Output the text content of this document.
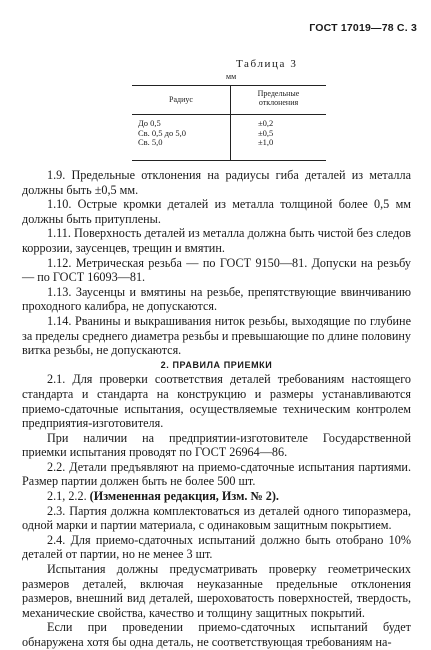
ГОСТ 17019—78 С. 3
Таблица 3
мм
Радиус
Предельные
отклонения
До 0,5
Св. 0,5 до 5,0
Св. 5,0
±0,2
±0,5
±1,0

1.9. Предельные отклонения на радиусы гиба деталей из металла должны быть ±0,5 мм.

1.10. Острые кромки деталей из металла толщиной более 0,5 мм должны быть притуплены.

1.11. Поверхность деталей из металла должна быть чистой без следов коррозии, заусенцев, трещин и вмятин.

1.12. Метрическая резьба — по ГОСТ 9150—81. Допуски на резьбу — по ГОСТ 16093—81.

1.13. Заусенцы и вмятины на резьбе, препятствующие ввинчиванию проходного калибра, не допускаются.

1.14. Рванины и выкрашивания ниток резьбы, выходящие по глубине за пределы среднего диаметра резьбы и превышающие по длине половину витка резьбы, не допускаются.

2. ПРАВИЛА ПРИЕМКИ

2.1. Для проверки соответствия деталей требованиям настоящего стандарта и стандарта на конструкцию и размеры устанавливаются приемо-сдаточные испытания, осуществляемые техническим контролем предприятия-изготовителя.

При наличии на предприятии-изготовителе Государственной приемки испытания проводят по ГОСТ 26964—86.

2.2. Детали предъявляют на приемо-сдаточные испытания партиями. Размер партии должен быть не более 500 шт.

2.1, 2.2. (Измененная редакция, Изм. № 2).

2.3. Партия должна комплектоваться из деталей одного типоразмера, одной марки и партии материала, с одинаковым защитным покрытием.

2.4. Для приемо-сдаточных испытаний должно быть отобрано 10% деталей от партии, но не менее 3 шт.

Испытания должны предусматривать проверку геометрических размеров деталей, включая неуказанные предельные отклонения размеров, внешний вид деталей, шероховатость поверхностей, твердость, механические свойства, качество и толщину защитных покрытий.

Если при проведении приемо-сдаточных испытаний будет обнаружена хотя бы одна деталь, не соответствующая требованиям на-
